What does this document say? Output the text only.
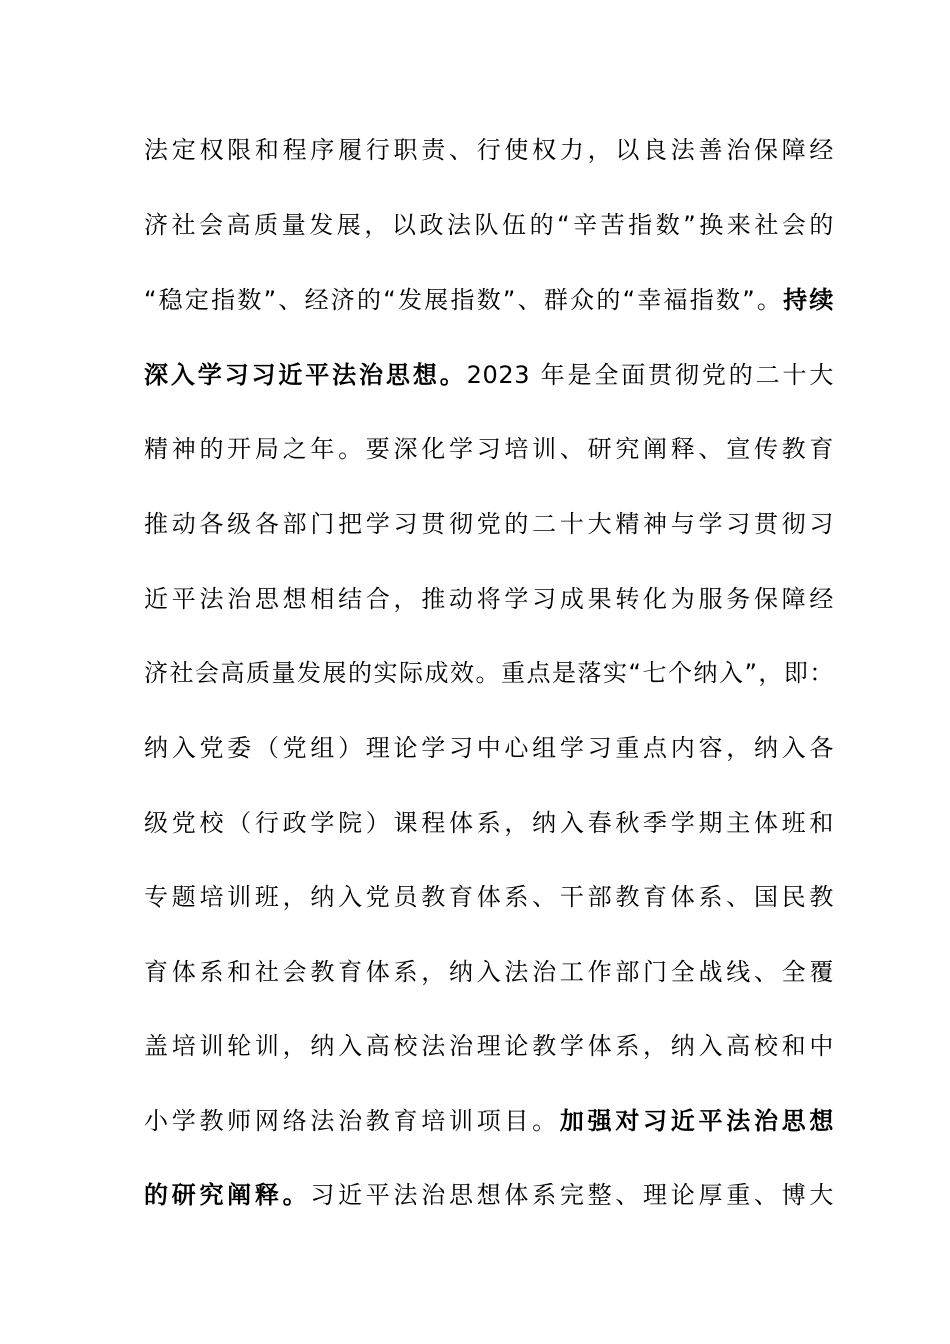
法定权限和程序履行职责、行使权力，以良法善治保障经
济社会高质量发展，以政法队伍的“辛苦指数”换来社会的
“稳定指数”、经济的“发展指数”、群众的“幸福指数”。持续
深入学习习近平法治思想。2023 年是全面贯彻党的二十大
精神的开局之年。要深化学习培训、研究阐释、宣传教育
推动各级各部门把学习贯彻党的二十大精神与学习贯彻习
近平法治思想相结合，推动将学习成果转化为服务保障经
济社会高质量发展的实际成效。重点是落实“七个纳入”，即：
纳入党委（党组）理论学习中心组学习重点内容，纳入各
级党校（行政学院）课程体系，纳入春秋季学期主体班和
专题培训班，纳入党员教育体系、干部教育体系、国民教
育体系和社会教育体系，纳入法治工作部门全战线、全覆
盖培训轮训，纳入高校法治理论教学体系，纳入高校和中
小学教师网络法治教育培训项目。加强对习近平法治思想
的研究阐释。习近平法治思想体系完整、理论厚重、博大
